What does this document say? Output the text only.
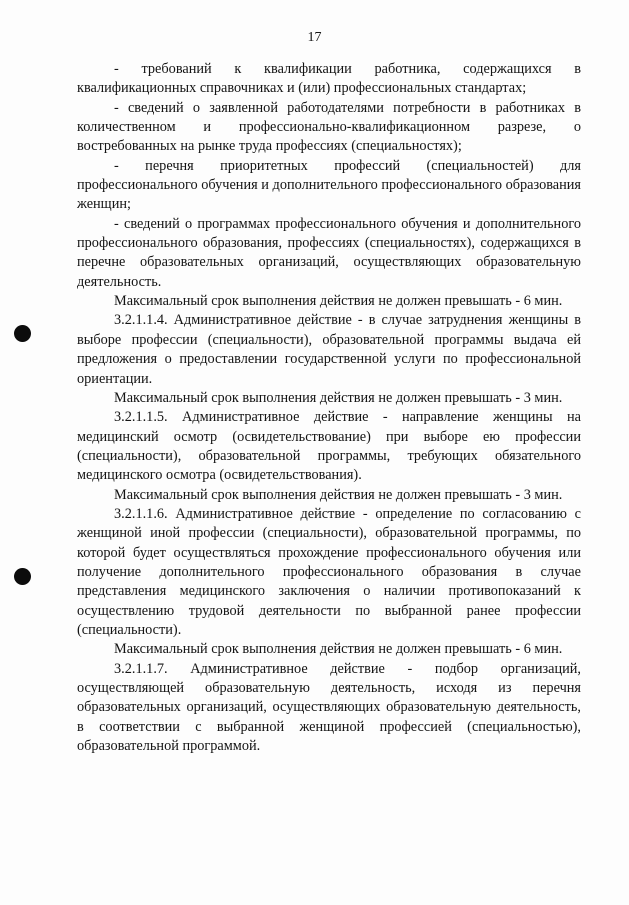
17

- требований к квалификации работника, содержащихся в квалификационных справочниках и (или) профессиональных стандартах;

- сведений о заявленной работодателями потребности в работниках в количественном и профессионально-квалификационном разрезе, о востребованных на рынке труда профессиях (специальностях);

- перечня приоритетных профессий (специальностей) для профессионального обучения и дополнительного профессионального образования женщин;

- сведений о программах профессионального обучения и дополнительного профессионального образования, профессиях (специальностях), содержащихся в перечне образовательных организаций, осуществляющих образовательную деятельность.

Максимальный срок выполнения действия не должен превышать - 6 мин.

3.2.1.1.4. Административное действие - в случае затруднения женщины в выборе профессии (специальности), образовательной программы выдача ей предложения о предоставлении государственной услуги по профессиональной ориентации.

Максимальный срок выполнения действия не должен превышать - 3 мин.

3.2.1.1.5. Административное действие - направление женщины на медицинский осмотр (освидетельствование) при выборе ею профессии (специальности), образовательной программы, требующих обязательного медицинского осмотра (освидетельствования).

Максимальный срок выполнения действия не должен превышать - 3 мин.

3.2.1.1.6. Административное действие - определение по согласованию с женщиной иной профессии (специальности), образовательной программы, по которой будет осуществляться прохождение профессионального обучения или получение дополнительного профессионального образования в случае представления медицинского заключения о наличии противопоказаний к осуществлению трудовой деятельности по выбранной ранее профессии (специальности).

Максимальный срок выполнения действия не должен превышать - 6 мин.

3.2.1.1.7. Административное действие - подбор организаций, осуществляющей образовательную деятельность, исходя из перечня образовательных организаций, осуществляющих образовательную деятельность, в соответствии с выбранной женщиной профессией (специальностью), образовательной программой.
